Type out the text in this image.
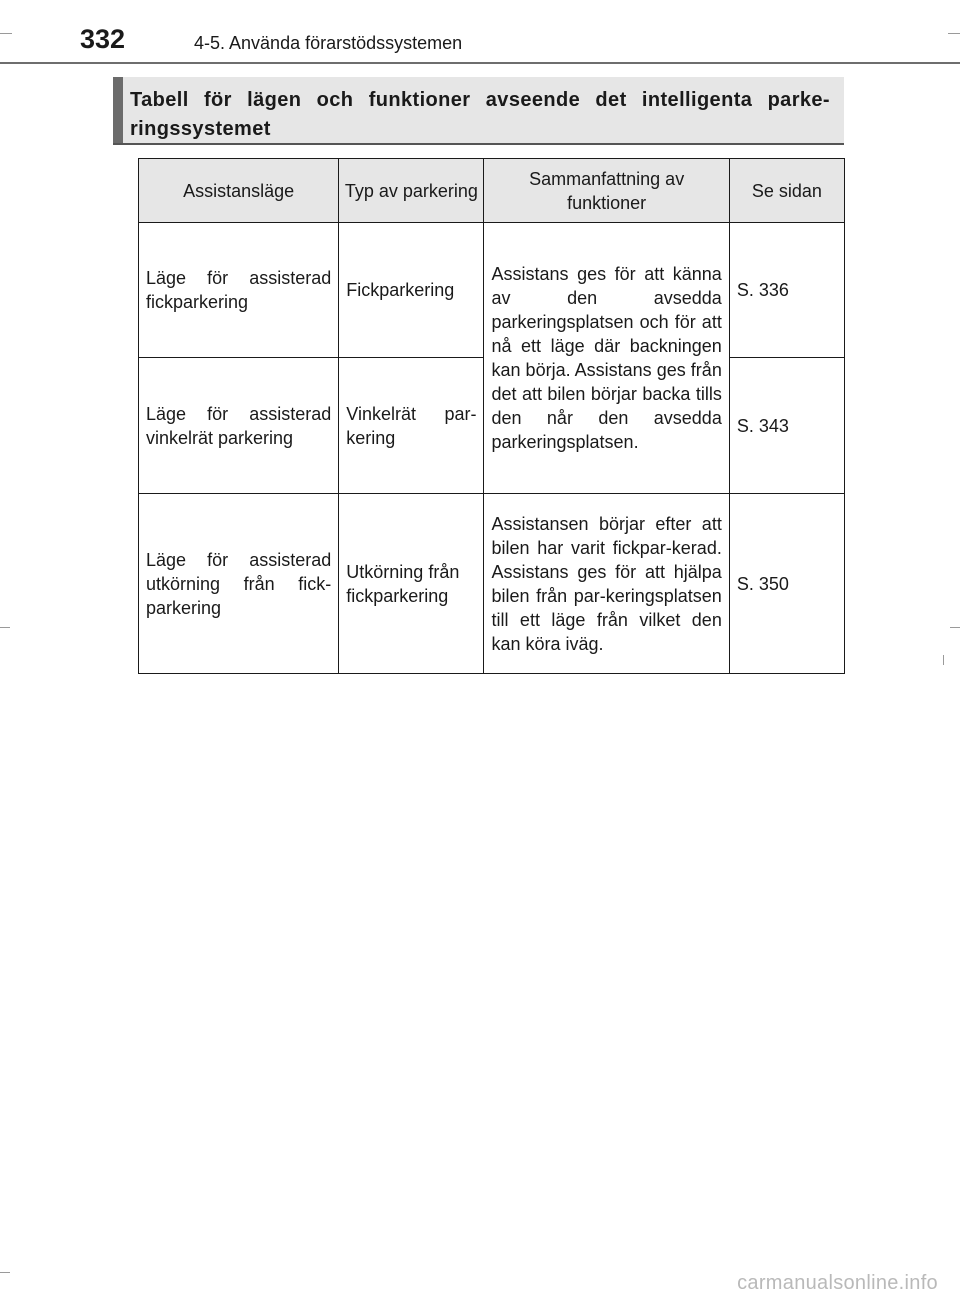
332	4-5. Använda förarstödssystemen
Tabell för lägen och funktioner avseende det intelligenta parke-ringssystemet
Assistansläge	Typ av parkering	Sammanfattning av funktioner	Se sidan
Läge för assisterad fickparkering	Fickparkering	Assistans ges för att känna av den avsedda parkeringsplatsen och för att nå ett läge där backningen kan börja. Assistans ges från det att bilen börjar backa tills den når den avsedda parkeringsplatsen.	S. 336
Läge för assisterad vinkelrät parkering	Vinkelrät par-kering		S. 343
Läge för assisterad utkörning från fick-parkering	Utkörning från fickparkering	Assistansen börjar efter att bilen har varit fickpar-kerad. Assistans ges för att hjälpa bilen från par-keringsplatsen till ett läge från vilket den kan köra iväg.	S. 350
carmanualsonline.info
